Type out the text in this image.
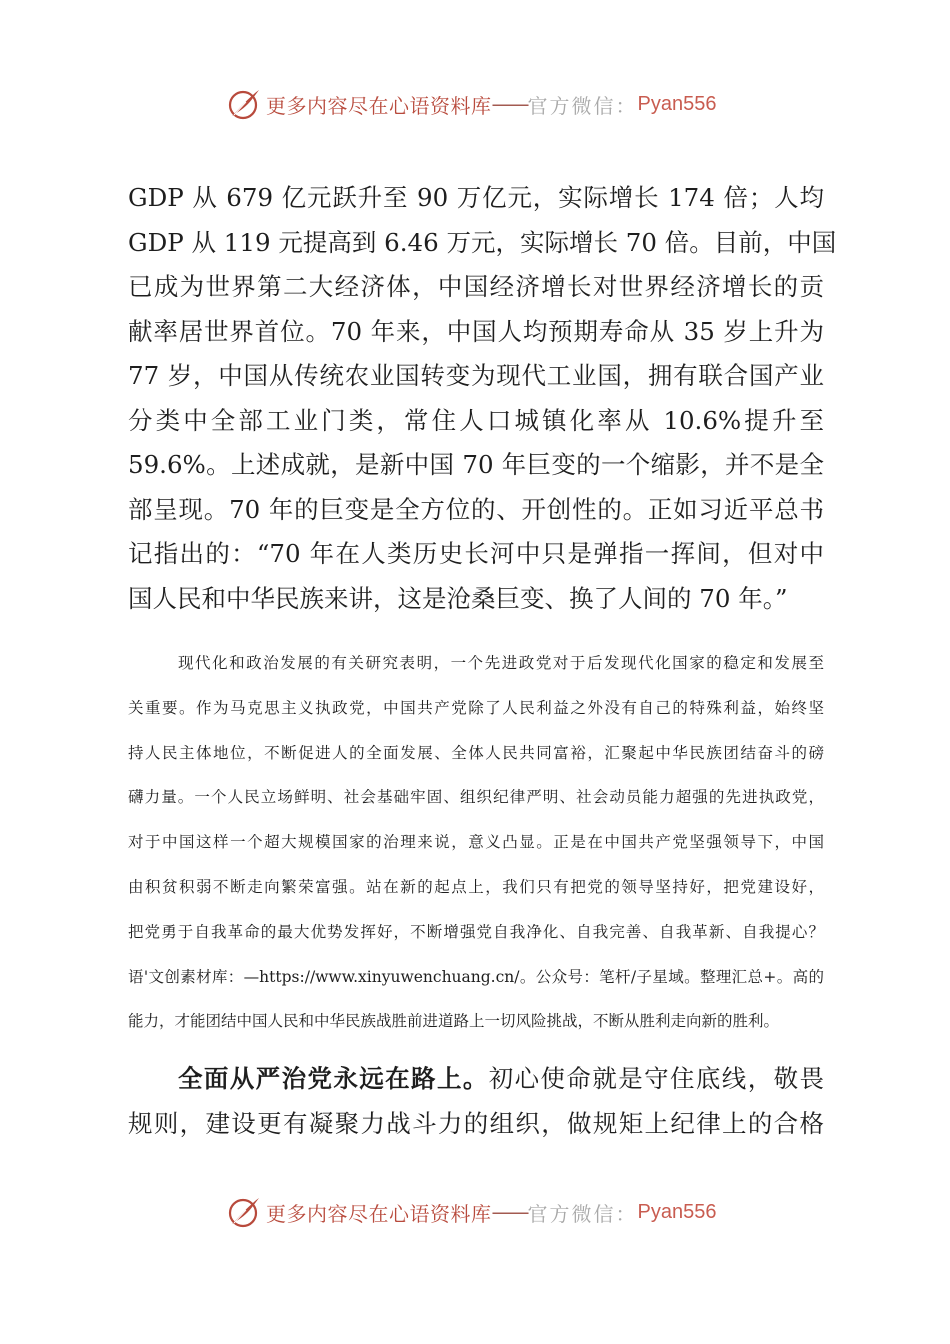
更多内容尽在心语资料库 —— 官方微信： Pyan556
GDP 从 679 亿元跃升至 90 万亿元，实际增长 174 倍；人均
GDP 从 119 元提高到 6.46 万元，实际增长 70 倍。目前，中国
已成为世界第二大经济体，中国经济增长对世界经济增长的贡
献率居世界首位。70 年来，中国人均预期寿命从 35 岁上升为
77 岁，中国从传统农业国转变为现代工业国，拥有联合国产业
分类中全部工业门类，常住人口城镇化率从 10.6%提升至
59.6%。上述成就，是新中国 70 年巨变的一个缩影，并不是全
部呈现。70 年的巨变是全方位的、开创性的。正如习近平总书
记指出的：“70 年在人类历史长河中只是弹指一挥间，但对中
国人民和中华民族来讲，这是沧桑巨变、换了人间的 70 年。”
现代化和政治发展的有关研究表明，一个先进政党对于后发现代化国家的稳定和发展至
关重要。作为马克思主义执政党，中国共产党除了人民利益之外没有自己的特殊利益，始终坚
持人民主体地位，不断促进人的全面发展、全体人民共同富裕，汇聚起中华民族团结奋斗的磅
礴力量。一个人民立场鲜明、社会基础牢固、组织纪律严明、社会动员能力超强的先进执政党，
对于中国这样一个超大规模国家的治理来说，意义凸显。正是在中国共产党坚强领导下，中国
由积贫积弱不断走向繁荣富强。站在新的起点上，我们只有把党的领导坚持好，把党建设好，
把党勇于自我革命的最大优势发挥好，不断增强党自我净化、自我完善、自我革新、自我提心？
语'文创素材库：—https://www.xinyuwenchuang.cn/。公众号：笔杆/子星域。整理汇总+。高的
能力，才能团结中国人民和中华民族战胜前进道路上一切风险挑战，不断从胜利走向新的胜利。
全面从严治党永远在路上。初心使命就是守住底线，敬畏
规则，建设更有凝聚力战斗力的组织，做规矩上纪律上的合格
更多内容尽在心语资料库 —— 官方微信： Pyan556
